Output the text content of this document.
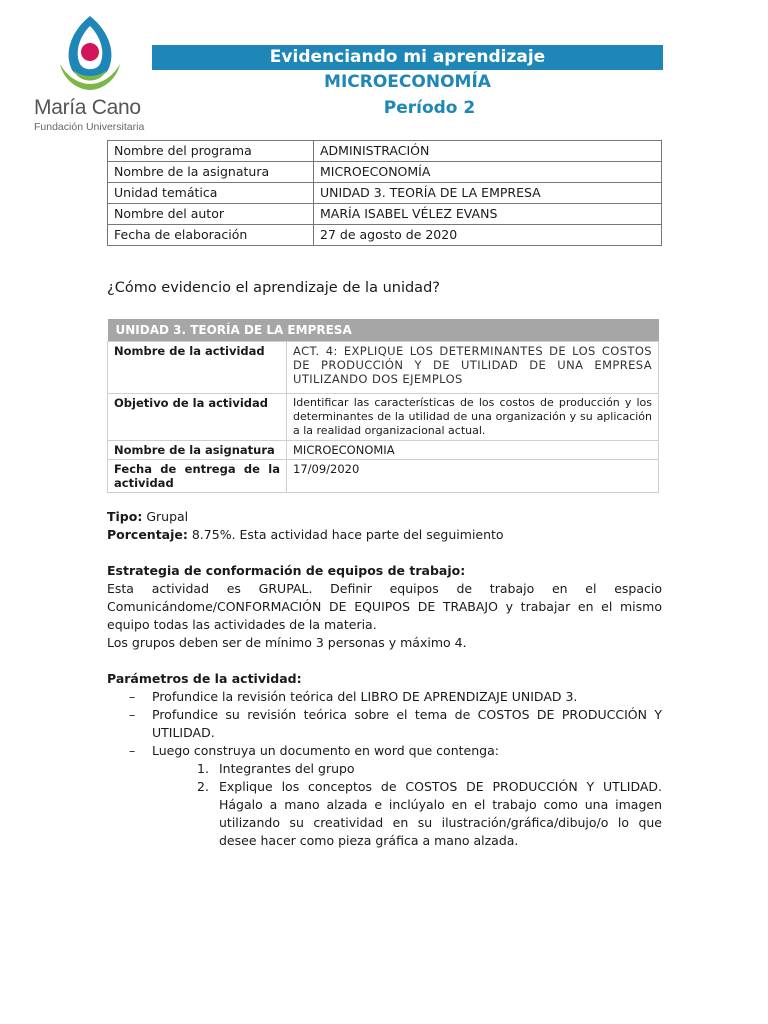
María Cano
Fundación Universitaria
Evidenciando mi aprendizaje
MICROECONOMÍA
Período 2
Nombre del programa	ADMINISTRACIÓN
Nombre de la asignatura	MICROECONOMÍA
Unidad temática	UNIDAD 3. TEORÍA DE LA EMPRESA
Nombre del autor	MARÍA ISABEL VÉLEZ EVANS
Fecha de elaboración	27 de agosto de 2020
¿Cómo evidencio el aprendizaje de la unidad?
UNIDAD 3. TEORÍA DE LA EMPRESA	
Nombre de la actividad	ACT. 4: EXPLIQUE LOS DETERMINANTES DE LOS COSTOS DE PRODUCCIÓN Y DE UTILIDAD DE UNA EMPRESA UTILIZANDO DOS EJEMPLOS
Objetivo de la actividad	Identificar las características de los costos de producción y los determinantes de la utilidad de una organización y su aplicación a la realidad organizacional actual.
Nombre de la asignatura	MICROECONOMIA
Fecha de entrega de la actividad	17/09/2020
Tipo: Grupal
Porcentaje: 8.75%. Esta actividad hace parte del seguimiento
Estrategia de conformación de equipos de trabajo:
Esta actividad es GRUPAL. Definir equipos de trabajo en el espacio Comunicándome/CONFORMACIÓN DE EQUIPOS DE TRABAJO y trabajar en el mismo equipo todas las actividades de la materia.
Los grupos deben ser de mínimo 3 personas y máximo 4.
Parámetros de la actividad:
– Profundice la revisión teórica del LIBRO DE APRENDIZAJE UNIDAD 3.
– Profundice su revisión teórica sobre el tema de COSTOS DE PRODUCCIÓN Y UTILIDAD.
– Luego construya un documento en word que contenga:
1. Integrantes del grupo
2. Explique los conceptos de COSTOS DE PRODUCCIÓN Y UTLIDAD. Hágalo a mano alzada e inclúyalo en el trabajo como una imagen utilizando su creatividad en su ilustración/gráfica/dibujo/o lo que desee hacer como pieza gráfica a mano alzada.
